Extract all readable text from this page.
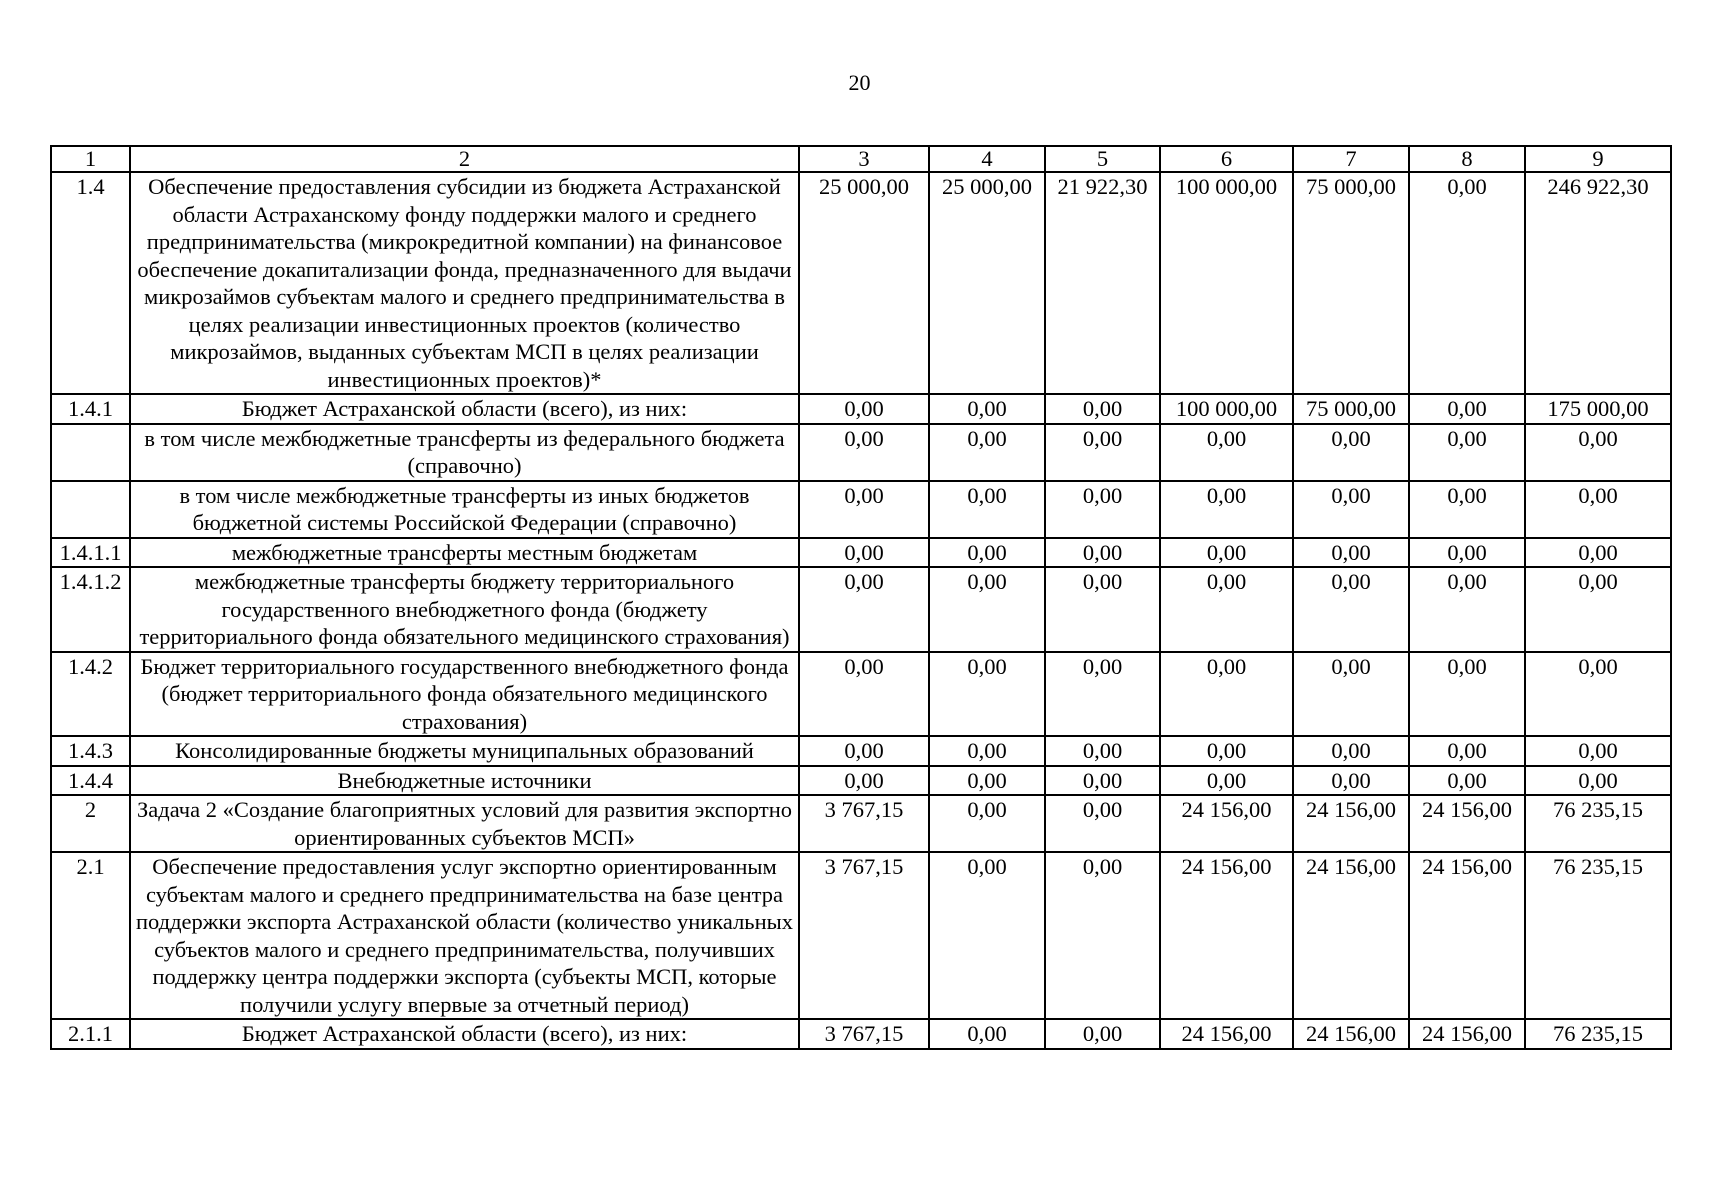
20
1	2	3	4	5	6	7	8	9
1.4	Обеспечение предоставления субсидии из бюджета Астраханской области Астраханскому фонду поддержки малого и среднего предпринимательства (микрокредитной компании) на финансовое обеспечение докапитализации фонда, предназначенного для выдачи микрозаймов субъектам малого и среднего предпринимательства в целях реализации инвестиционных проектов (количество микрозаймов, выданных субъектам МСП в целях реализации инвестиционных проектов)*	25 000,00	25 000,00	21 922,30	100 000,00	75 000,00	0,00	246 922,30
1.4.1	Бюджет Астраханской области (всего), из них:	0,00	0,00	0,00	100 000,00	75 000,00	0,00	175 000,00
	в том числе межбюджетные трансферты из федерального бюджета (справочно)	0,00	0,00	0,00	0,00	0,00	0,00	0,00
	в том числе межбюджетные трансферты из иных бюджетов бюджетной системы Российской Федерации (справочно)	0,00	0,00	0,00	0,00	0,00	0,00	0,00
1.4.1.1	межбюджетные трансферты местным бюджетам	0,00	0,00	0,00	0,00	0,00	0,00	0,00
1.4.1.2	межбюджетные трансферты бюджету территориального государственного внебюджетного фонда (бюджету территориального фонда обязательного медицинского страхования)	0,00	0,00	0,00	0,00	0,00	0,00	0,00
1.4.2	Бюджет территориального государственного внебюджетного фонда (бюджет территориального фонда обязательного медицинского страхования)	0,00	0,00	0,00	0,00	0,00	0,00	0,00
1.4.3	Консолидированные бюджеты муниципальных образований	0,00	0,00	0,00	0,00	0,00	0,00	0,00
1.4.4	Внебюджетные источники	0,00	0,00	0,00	0,00	0,00	0,00	0,00
2	Задача 2 «Создание благоприятных условий для развития экспортно ориентированных субъектов МСП»	3 767,15	0,00	0,00	24 156,00	24 156,00	24 156,00	76 235,15
2.1	Обеспечение предоставления услуг экспортно ориентированным субъектам малого и среднего предпринимательства на базе центра поддержки экспорта Астраханской области (количество уникальных субъектов малого и среднего предпринимательства, получивших поддержку центра поддержки экспорта (субъекты МСП, которые получили услугу впервые за отчетный период)	3 767,15	0,00	0,00	24 156,00	24 156,00	24 156,00	76 235,15
2.1.1	Бюджет Астраханской области (всего), из них:	3 767,15	0,00	0,00	24 156,00	24 156,00	24 156,00	76 235,15
